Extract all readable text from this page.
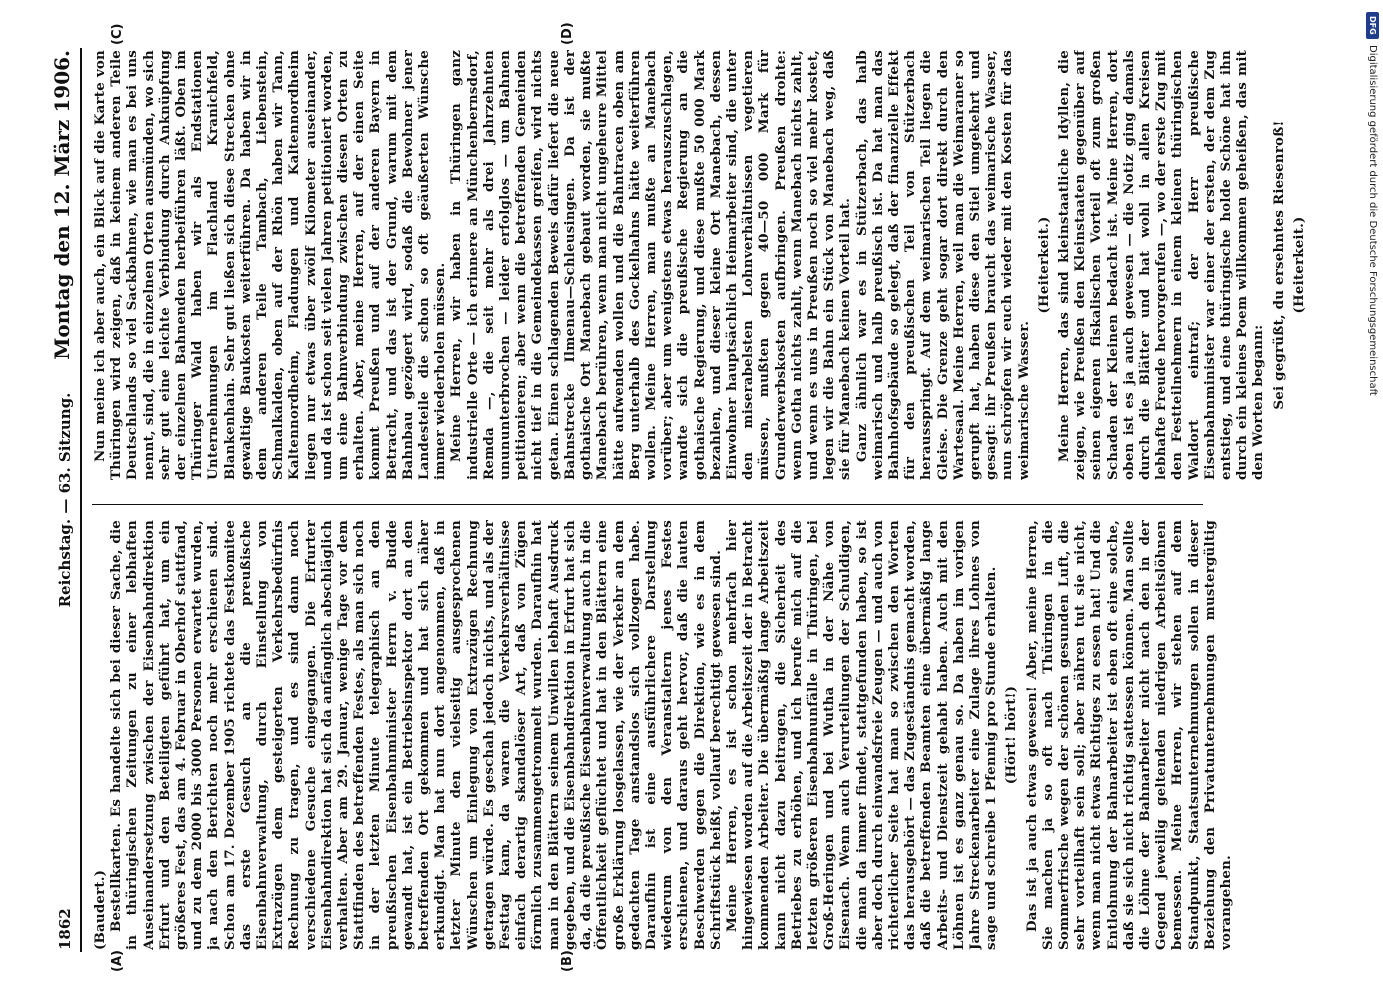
1862
Reichstag. — 63. Sitzung.
Montag den 12. März 1906.
(A)	(B)
(C)	(D)

(Baudert.) Bestellkarten. Es handelte sich bei dieser Sache, die in thüringischen Zeitungen zu einer lebhaften Auseinandersetzung zwischen der Eisenbahndirektion Erfurt und den Beteiligten geführt hat, um ein größeres Fest, das am 4. Februar in Oberhof stattfand, und zu dem 2000 bis 3000 Personen erwartet wurden, ja nach den Berichten noch mehr erschienen sind. Schon am 17. Dezember 1905 richtete das Festkomitee das erste Gesuch an die preußische Eisenbahnverwaltung, durch Einstellung von Extrazügen dem gesteigerten Verkehrsbedürfnis Rechnung zu tragen, und es sind dann noch verschiedene Gesuche eingegangen. Die Erfurter Eisenbahndirektion hat sich da anfänglich abschläglich verhalten. Aber am 29. Januar, wenige Tage vor dem Stattfinden des betreffenden Festes, als man sich noch in der letzten Minute telegraphisch an den preußischen Eisenbahnminister Herrn v. Budde gewandt hat, ist ein Betriebsinspektor dort an den betreffenden Ort gekommen und hat sich näher erkundigt. Man hat nun dort angenommen, daß in letzter Minute den vielseitig ausgesprochenen Wünschen um Einlegung von Extrazügen Rechnung getragen würde. Es geschah jedoch nichts, und als der Festtag kam, da waren die Verkehrsverhältnisse einfach derartig skandalöser Art, daß von Zügen förmlich zusammengetrommelt wurden. Daraufhin hat man in den Blättern seinem Unwillen lebhaft Ausdruck gegeben, und die Eisenbahndirektion in Erfurt hat sich da, da die preußische Eisenbahnverwaltung auch in die Öffentlichkeit geflüchtet und hat in den Blättern eine große Erklärung losgelassen, wie der Verkehr an dem gedachten Tage anstandslos sich vollzogen habe. Daraufhin ist eine ausführlichere Darstellung wiederum von den Veranstaltern jenes Festes erschienen, und daraus geht hervor, daß die lauten Beschwerden gegen die Direktion, wie es in dem Schriftstück heißt, vollauf berechtigt gewesen sind. Meine Herren, es ist schon mehrfach hier hingewiesen worden auf die Arbeitszeit der in Betracht kommenden Arbeiter. Die übermäßig lange Arbeitszeit kann nicht dazu beitragen, die Sicherheit des Betriebes zu erhöhen, und ich berufe mich auf die letzten größeren Eisenbahnunfälle in Thüringen, bei Groß-Heringen und bei Wutha in der Nähe von Eisenach. Wenn auch Verurteilungen der Schuldigen, die man da immer findet, stattgefunden haben, so ist aber doch durch einwandsfreie Zeugen — und auch von richterlicher Seite hat man so zwischen den Worten das herausgehört — das Zugeständnis gemacht worden, daß die betreffenden Beamten eine übermäßig lange Arbeits- und Dienstzeit gehabt haben. Auch mit den Löhnen ist es ganz genau so. Da haben im vorigen Jahre Streckenarbeiter eine Zulage ihres Lohnes von sage und schreibe 1 Pfennig pro Stunde erhalten. (Hört! hört!) Das ist ja auch etwas gewesen! Aber, meine Herren, Sie machen ja so oft nach Thüringen in die Sommerfrische wegen der schönen gesunden Luft, die sehr vorteilhaft sein soll; aber nähren tut sie nicht, wenn man nicht etwas Richtiges zu essen hat! Und die Entlohnung der Bahnarbeiter ist eben oft eine solche, daß sie sich nicht richtig sattessen können. Man sollte die Löhne der Bahnarbeiter nicht nach den in der Gegend jeweilig geltenden niedrigen Arbeitslöhnen bemessen. Meine Herren, wir stehen auf dem Standpunkt, Staatsunternehmungen sollen in dieser Beziehung den Privatunternehmungen mustergültig vorangehen.

Nun meine ich aber auch, ein Blick auf die Karte von Thüringen wird zeigen, daß in keinem anderen Teile Deutschlands so viel Sackbahnen, wie man es bei uns nennt, sind, die in einzelnen Orten ausmünden, wo sich sehr gut eine leichte Verbindung durch Anknüpfung der einzelnen Bahnenden herbeiführen läßt. Oben im Thüringer Wald haben wir als Endstationen Unternehmungen im Flachland Kranichfeld, Blankenhain. Sehr gut ließen sich diese Strecken ohne gewaltige Baukosten weiterführen. Da haben wir in dem anderen Teile Tambach, Liebenstein, Schmalkalden, oben auf der Rhön haben wir Tann, Kaltennordheim, Fladungen und Kaltennordheim liegen nur etwas über zwölf Kilometer auseinander, und da ist schon seit vielen Jahren petitioniert worden, um eine Bahnverbindung zwischen diesen Orten zu erhalten. Aber, meine Herren, auf der einen Seite kommt Preußen und auf der anderen Bayern in Betracht, und das ist der Grund, warum mit dem Bahnbau gezögert wird, sodaß die Bewohner jener Landesteile die schon so oft geäußerten Wünsche immer wiederholen müssen. Meine Herren, wir haben in Thüringen ganz industrielle Orte — ich erinnere an Münchenbernsdorf, Remda —, die seit mehr als drei Jahrzehnten unununterbrochen — leider erfolglos — um Bahnen petitionieren; aber wenn die betreffenden Gemeinden nicht tief in die Gemeindekassen greifen, wird nichts getan. Einen schlagenden Beweis dafür liefert die neue Bahnstrecke Ilmenau—Schleusingen. Da ist der gothaische Ort Manebach gebaut worden, sie mußte Manebach berühren, wenn man nicht ungeheure Mittel hätte aufwenden wollen und die Bahntracen oben am Berg unterhalb des Gockelhahns hätte weiterführen wollen. Meine Herren, man mußte an Manebach vorüber; aber um wenigstens etwas herauszuschlagen, wandte sich die preußische Regierung an die gothaische Regierung, und diese mußte 50 000 Mark bezahlen, und dieser kleine Ort Manebach, dessen Einwohner hauptsächlich Heimarbeiter sind, die unter den miserabelsten Lohnverhältnissen vegetieren müssen, mußten gegen 40—50 000 Mark für Grunderwerbskosten aufbringen. Preußen drohte: wenn Gotha nichts zahlt, wenn Manebach nichts zahlt, und wenn es uns in Preußen noch so viel mehr kostet, legen wir die Bahn ein Stück von Manebach weg, daß sie für Manebach keinen Vorteil hat. Ganz ähnlich war es in Stützerbach, das halb weimarisch und halb preußisch ist. Da hat man das Bahnhofsgebäude so gelegt, daß der finanzielle Effekt für den preußischen Teil von Stützerbach herausspringt. Auf dem weimarischen Teil liegen die Gleise. Die Grenze geht sogar dort direkt durch den Wartesaal. Meine Herren, weil man die Weimaraner so gerupft hat, haben diese den Stiel umgekehrt und gesagt: ihr Preußen braucht das weimarische Wasser, nun schröpfen wir euch wieder mit den Kosten für das weimarische Wasser.

(Heiterkeit.) Meine Herren, das sind kleinstaatliche Idyllen, die zeigen, wie Preußen den Kleinstaaten gegenüber auf seinen eigenen fiskalischen Vorteil oft zum großen Schaden der Kleinen bedacht ist. Meine Herren, dort oben ist es ja auch gewesen — die Notiz ging damals durch die Blätter und hat wohl in allen Kreisen lebhafte Freude hervorgerufen —, wo der erste Zug mit den Festteilnehmern in einem kleinen thüringischen Waldort eintraf; der Herr preußische Eisenbahnminister war einer der ersten, der dem Zug entstieg, und eine thüringische holde Schöne hat ihn durch ein kleines Poem willkommen geheißen, das mit den Worten begann: Sei gegrüßt, du ersehntes Riesenroß! (Heiterkeit.)

DFG
Digitalisierung gefördert durch die Deutsche Forschungsgemeinschaft
